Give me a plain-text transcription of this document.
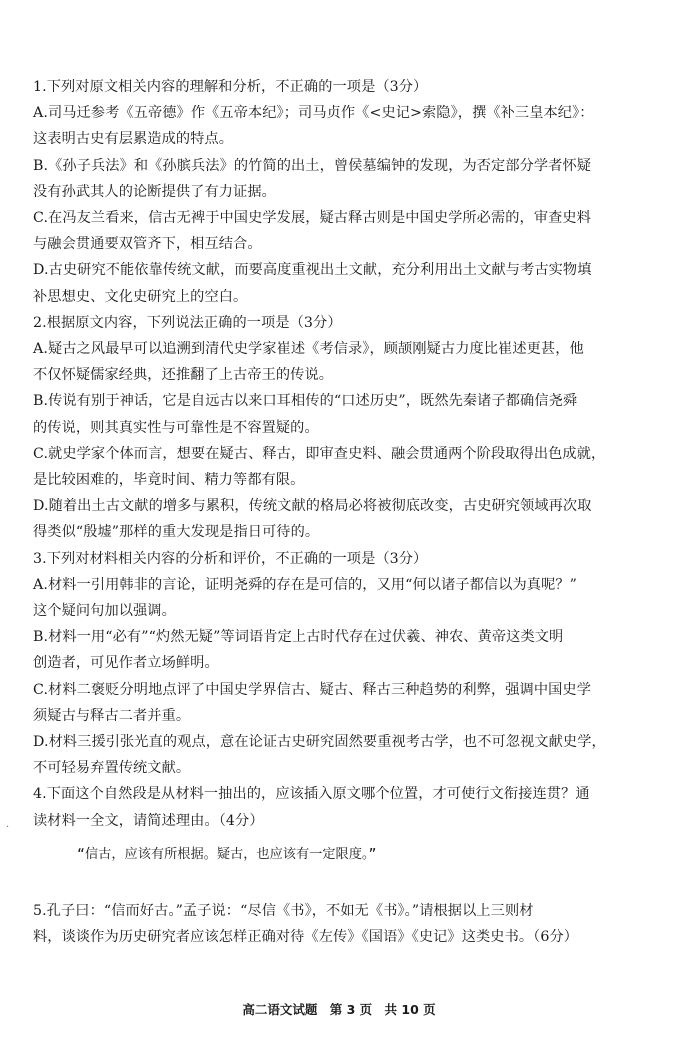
1.下列对原文相关内容的理解和分析，不正确的一项是（3分）
A.司马迁参考《五帝德》作《五帝本纪》；司马贞作《<史记>索隐》，撰《补三皇本纪》：
这表明古史有层累造成的特点。
B.《孙子兵法》和《孙膑兵法》的竹简的出土，曾侯墓编钟的发现，为否定部分学者怀疑
没有孙武其人的论断提供了有力证据。
C.在冯友兰看来，信古无裨于中国史学发展，疑古释古则是中国史学所必需的，审查史料
与融会贯通要双管齐下，相互结合。
D.古史研究不能依靠传统文献，而要高度重视出土文献，充分利用出土文献与考古实物填
补思想史、文化史研究上的空白。
2.根据原文内容，下列说法正确的一项是（3分）
A.疑古之风最早可以追溯到清代史学家崔述《考信录》，顾颉刚疑古力度比崔述更甚，他
不仅怀疑儒家经典，还推翻了上古帝王的传说。
B.传说有别于神话，它是自远古以来口耳相传的“口述历史”，既然先秦诸子都确信尧舜
的传说，则其真实性与可靠性是不容置疑的。
C.就史学家个体而言，想要在疑古、释古，即审查史料、融会贯通两个阶段取得出色成就，
是比较困难的，毕竟时间、精力等都有限。
D.随着出土古文献的增多与累积，传统文献的格局必将被彻底改变，古史研究领域再次取
得类似“殷墟”那样的重大发现是指日可待的。
3.下列对材料相关内容的分析和评价，不正确的一项是（3分）
A.材料一引用韩非的言论，证明尧舜的存在是可信的，又用“何以诸子都信以为真呢？”
这个疑问句加以强调。
B.材料一用“必有”“灼然无疑”等词语肯定上古时代存在过伏羲、神农、黄帝这类文明
创造者，可见作者立场鲜明。
C.材料二褒贬分明地点评了中国史学界信古、疑古、释古三种趋势的利弊，强调中国史学
须疑古与释古二者并重。
D.材料三援引张光直的观点，意在论证古史研究固然要重视考古学，也不可忽视文献史学，
不可轻易弃置传统文献。
4.下面这个自然段是从材料一抽出的，应该插入原文哪个位置，才可使行文衔接连贯？通
读材料一全文，请简述理由。（4分）
“信古，应该有所根据。疑古，也应该有一定限度。”
5.孔子曰：“信而好古。”孟子说：“尽信《书》，不如无《书》。”请根据以上三则材
料，谈谈作为历史研究者应该怎样正确对待《左传》《国语》《史记》这类史书。（6分）
·
高二语文试题 第 3 页 共 10 页
